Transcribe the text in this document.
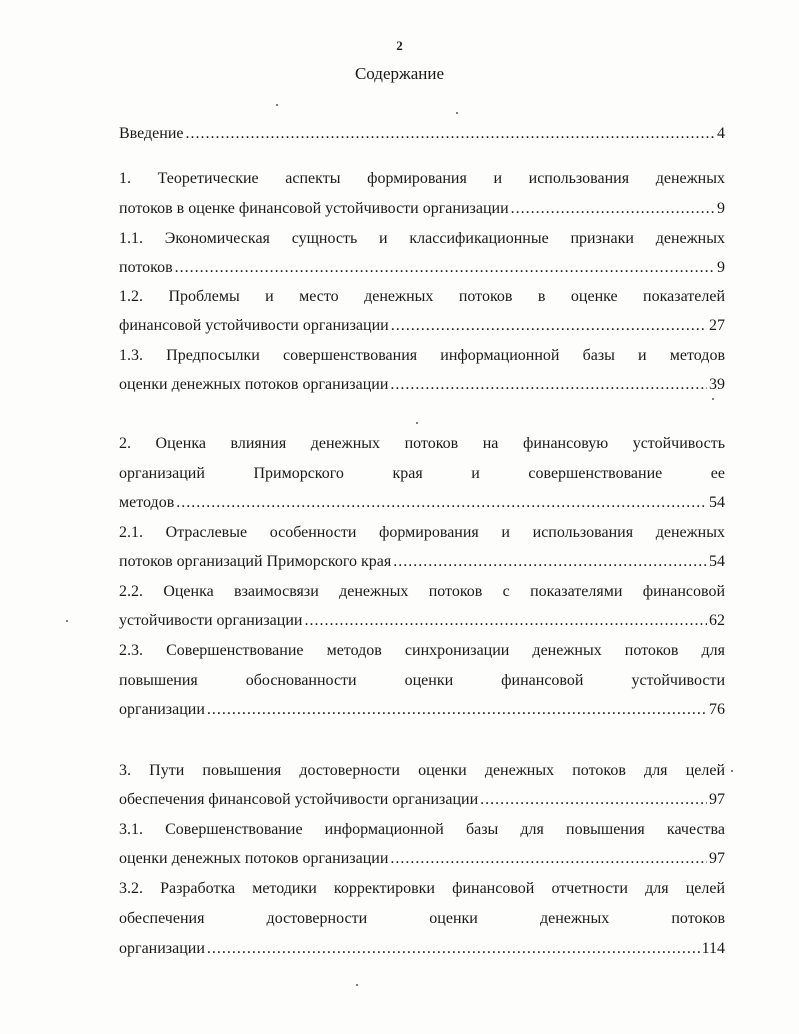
2
Содержание
Введение .....	4
1. Теоретические аспекты формирования и использования денежных
потоков в оценке финансовой устойчивости организации .....	9
1.1. Экономическая сущность и классификационные признаки денежных
потоков .....	9
1.2. Проблемы и место денежных потоков в оценке показателей
финансовой устойчивости организации .....	27
1.3. Предпосылки совершенствования информационной базы и методов
оценки денежных потоков организации .....	39
2. Оценка влияния денежных потоков на финансовую устойчивость
организаций Приморского края и совершенствование ее
методов .....	54
2.1. Отраслевые особенности формирования и использования денежных
потоков организаций Приморского края .....	54
2.2. Оценка взаимосвязи денежных потоков с показателями финансовой
устойчивости организации .....	62
2.3. Совершенствование методов синхронизации денежных потоков для
повышения обоснованности оценки финансовой устойчивости
организации .....	76
3. Пути повышения достоверности оценки денежных потоков для целей
обеспечения финансовой устойчивости организации .....	97
3.1. Совершенствование информационной базы для повышения качества
оценки денежных потоков организации .....	97
3.2. Разработка методики корректировки финансовой отчетности для целей
обеспечения достоверности оценки денежных потоков
организации .....	114
